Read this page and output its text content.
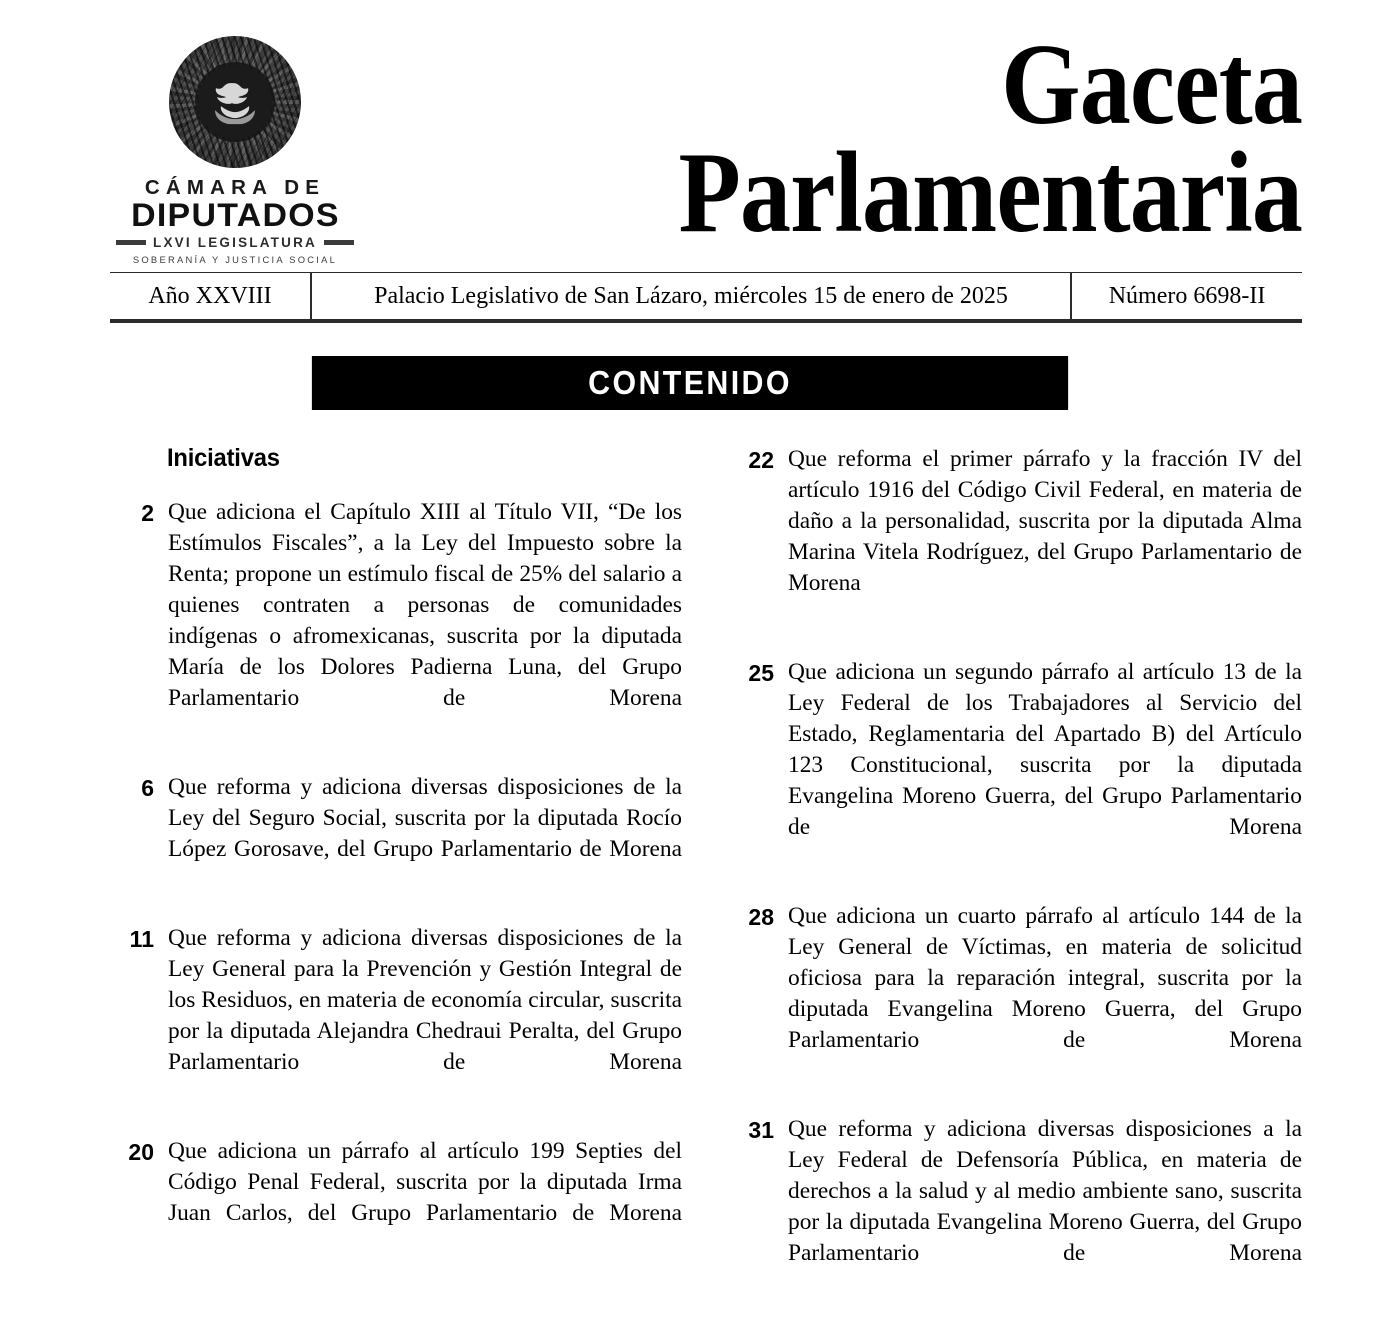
CÁMARA DE
DIPUTADOS
LXVI LEGISLATURA
SOBERANÍA Y JUSTICIA SOCIAL
Gaceta
Parlamentaria
Año XXVIII	Palacio Legislativo de San Lázaro, miércoles 15 de enero de 2025	Número 6698-II
CONTENIDO
Iniciativas
2 Que adiciona el Capítulo XIII al Título VII, “De los Estímulos Fiscales”, a la Ley del Impuesto sobre la Renta; propone un estímulo fiscal de 25% del salario a quienes contraten a personas de comunidades indígenas o afromexicanas, suscrita por la diputada María de los Dolores Padierna Luna, del Grupo Parlamentario de Morena
6 Que reforma y adiciona diversas disposiciones de la Ley del Seguro Social, suscrita por la diputada Rocío López Gorosave, del Grupo Parlamentario de Morena
11 Que reforma y adiciona diversas disposiciones de la Ley General para la Prevención y Gestión Integral de los Residuos, en materia de economía circular, suscrita por la diputada Alejandra Chedraui Peralta, del Grupo Parlamentario de Morena
20 Que adiciona un párrafo al artículo 199 Septies del Código Penal Federal, suscrita por la diputada Irma Juan Carlos, del Grupo Parlamentario de Morena
22 Que reforma el primer párrafo y la fracción IV del artículo 1916 del Código Civil Federal, en materia de daño a la personalidad, suscrita por la diputada Alma Marina Vitela Rodríguez, del Grupo Parlamentario de Morena
25 Que adiciona un segundo párrafo al artículo 13 de la Ley Federal de los Trabajadores al Servicio del Estado, Reglamentaria del Apartado B) del Artículo 123 Constitucional, suscrita por la diputada Evangelina Moreno Guerra, del Grupo Parlamentario de Morena
28 Que adiciona un cuarto párrafo al artículo 144 de la Ley General de Víctimas, en materia de solicitud oficiosa para la reparación integral, suscrita por la diputada Evangelina Moreno Guerra, del Grupo Parlamentario de Morena
31 Que reforma y adiciona diversas disposiciones a la Ley Federal de Defensoría Pública, en materia de derechos a la salud y al medio ambiente sano, suscrita por la diputada Evangelina Moreno Guerra, del Grupo Parlamentario de Morena
